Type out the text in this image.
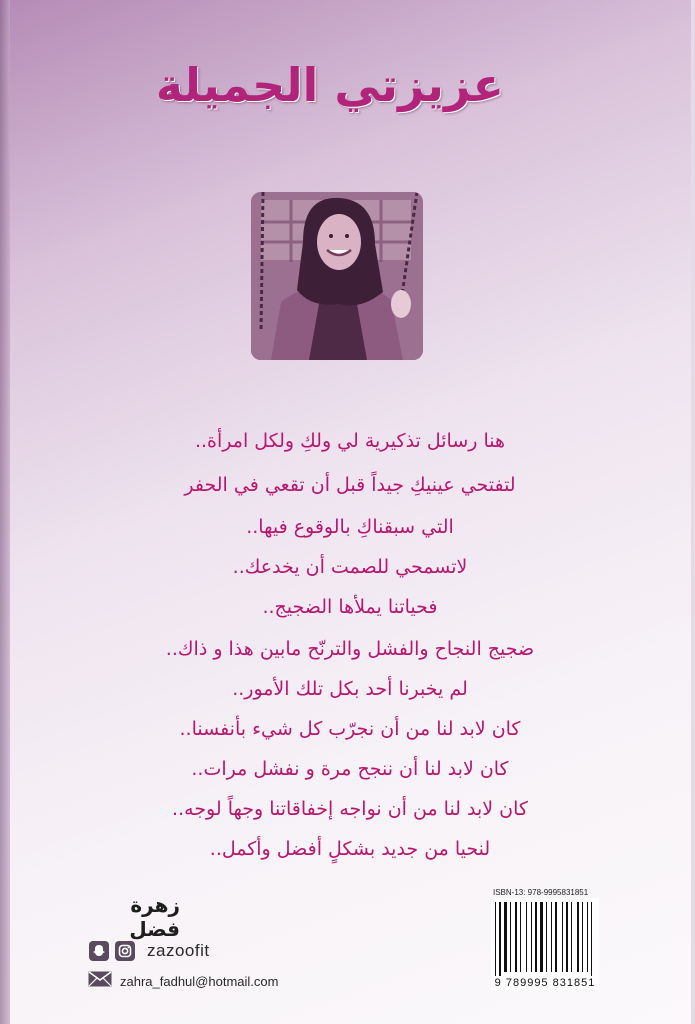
عزيزتي الجميلة
هنا رسائل تذكيرية لي ولكِ ولكل امرأة..
لتفتحي عينيكِ جيداً قبل أن تقعي في الحفر
التي سبقناكِ بالوقوع فيها..
لاتسمحي للصمت أن يخدعك..
فحياتنا يملأها الضجيج..
ضجيج النجاح والفشل والترنّح مابين هذا و ذاك..
لم يخبرنا أحد بكل تلك الأمور..
كان لابد لنا من أن نجرّب كل شيء بأنفسنا..
كان لابد لنا أن ننجح مرة و نفشل مرات..
كان لابد لنا من أن نواجه إخفاقاتنا وجهاً لوجه..
لنحيا من جديد بشكلٍ أفضل وأكمل..
زهرة فضل
zazoofit
zahra_fadhul@hotmail.com
ISBN-13: 978-9995831851
9 789995 831851
